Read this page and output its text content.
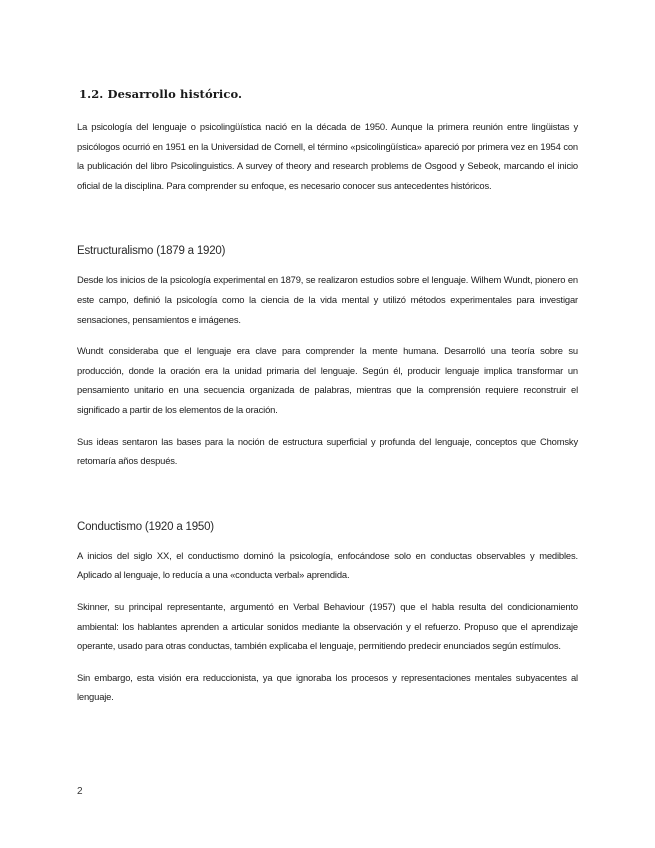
1.2. Desarrollo histórico.

La psicología del lenguaje o psicolingüística nació en la década de 1950. Aunque la primera reunión entre lingüistas y psicólogos ocurrió en 1951 en la Universidad de Cornell, el término «psicolingüística» apareció por primera vez en 1954 con la publicación del libro Psicolinguistics. A survey of theory and research problems de Osgood y Sebeok, marcando el inicio oficial de la disciplina. Para comprender su enfoque, es necesario conocer sus antecedentes históricos.

Estructuralismo (1879 a 1920)

Desde los inicios de la psicología experimental en 1879, se realizaron estudios sobre el lenguaje. Wilhem Wundt, pionero en este campo, definió la psicología como la ciencia de la vida mental y utilizó métodos experimentales para investigar sensaciones, pensamientos e imágenes.

Wundt consideraba que el lenguaje era clave para comprender la mente humana. Desarrolló una teoría sobre su producción, donde la oración era la unidad primaria del lenguaje. Según él, producir lenguaje implica transformar un pensamiento unitario en una secuencia organizada de palabras, mientras que la comprensión requiere reconstruir el significado a partir de los elementos de la oración.

Sus ideas sentaron las bases para la noción de estructura superficial y profunda del lenguaje, conceptos que Chomsky retomaría años después.

Conductismo (1920 a 1950)

A inicios del siglo XX, el conductismo dominó la psicología, enfocándose solo en conductas observables y medibles. Aplicado al lenguaje, lo reducía a una «conducta verbal» aprendida.

Skinner, su principal representante, argumentó en Verbal Behaviour (1957) que el habla resulta del condicionamiento ambiental: los hablantes aprenden a articular sonidos mediante la observación y el refuerzo. Propuso que el aprendizaje operante, usado para otras conductas, también explicaba el lenguaje, permitiendo predecir enunciados según estímulos.

Sin embargo, esta visión era reduccionista, ya que ignoraba los procesos y representaciones mentales subyacentes al lenguaje.

2
